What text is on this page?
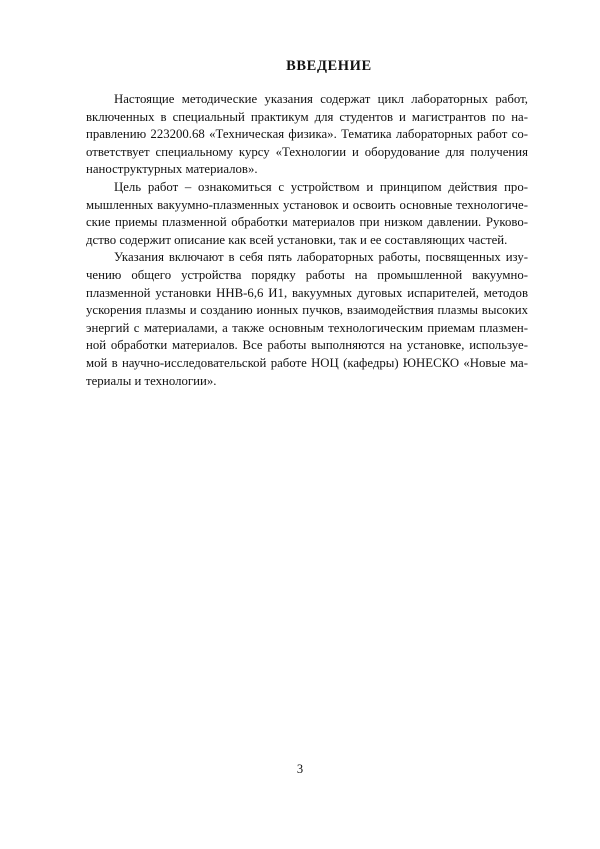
ВВЕДЕНИЕ

Настоящие методические указания содержат цикл лабораторных работ, включенных в специальный практикум для студентов и магистрантов по направлению 223200.68 «Техническая физика». Тематика лабораторных работ соответствует специальному курсу «Технологии и оборудование для получения наноструктурных материалов».

Цель работ – ознакомиться с устройством и принципом действия промышленных вакуумно-плазменных установок и освоить основные технологические приемы плазменной обработки материалов при низком давлении. Руководство содержит описание как всей установки, так и ее составляющих частей.

Указания включают в себя пять лабораторных работы, посвященных изучению общего устройства порядку работы на промышленной вакуумно-плазменной установки ННВ-6,6 И1, вакуумных дуговых испарителей, методов ускорения плазмы и созданию ионных пучков, взаимодействия плазмы высоких энергий с материалами, а также основным технологическим приемам плазменной обработки материалов. Все работы выполняются на установке, используемой в научно-исследовательской работе НОЦ (кафедры) ЮНЕСКО «Новые материалы и технологии».

3
